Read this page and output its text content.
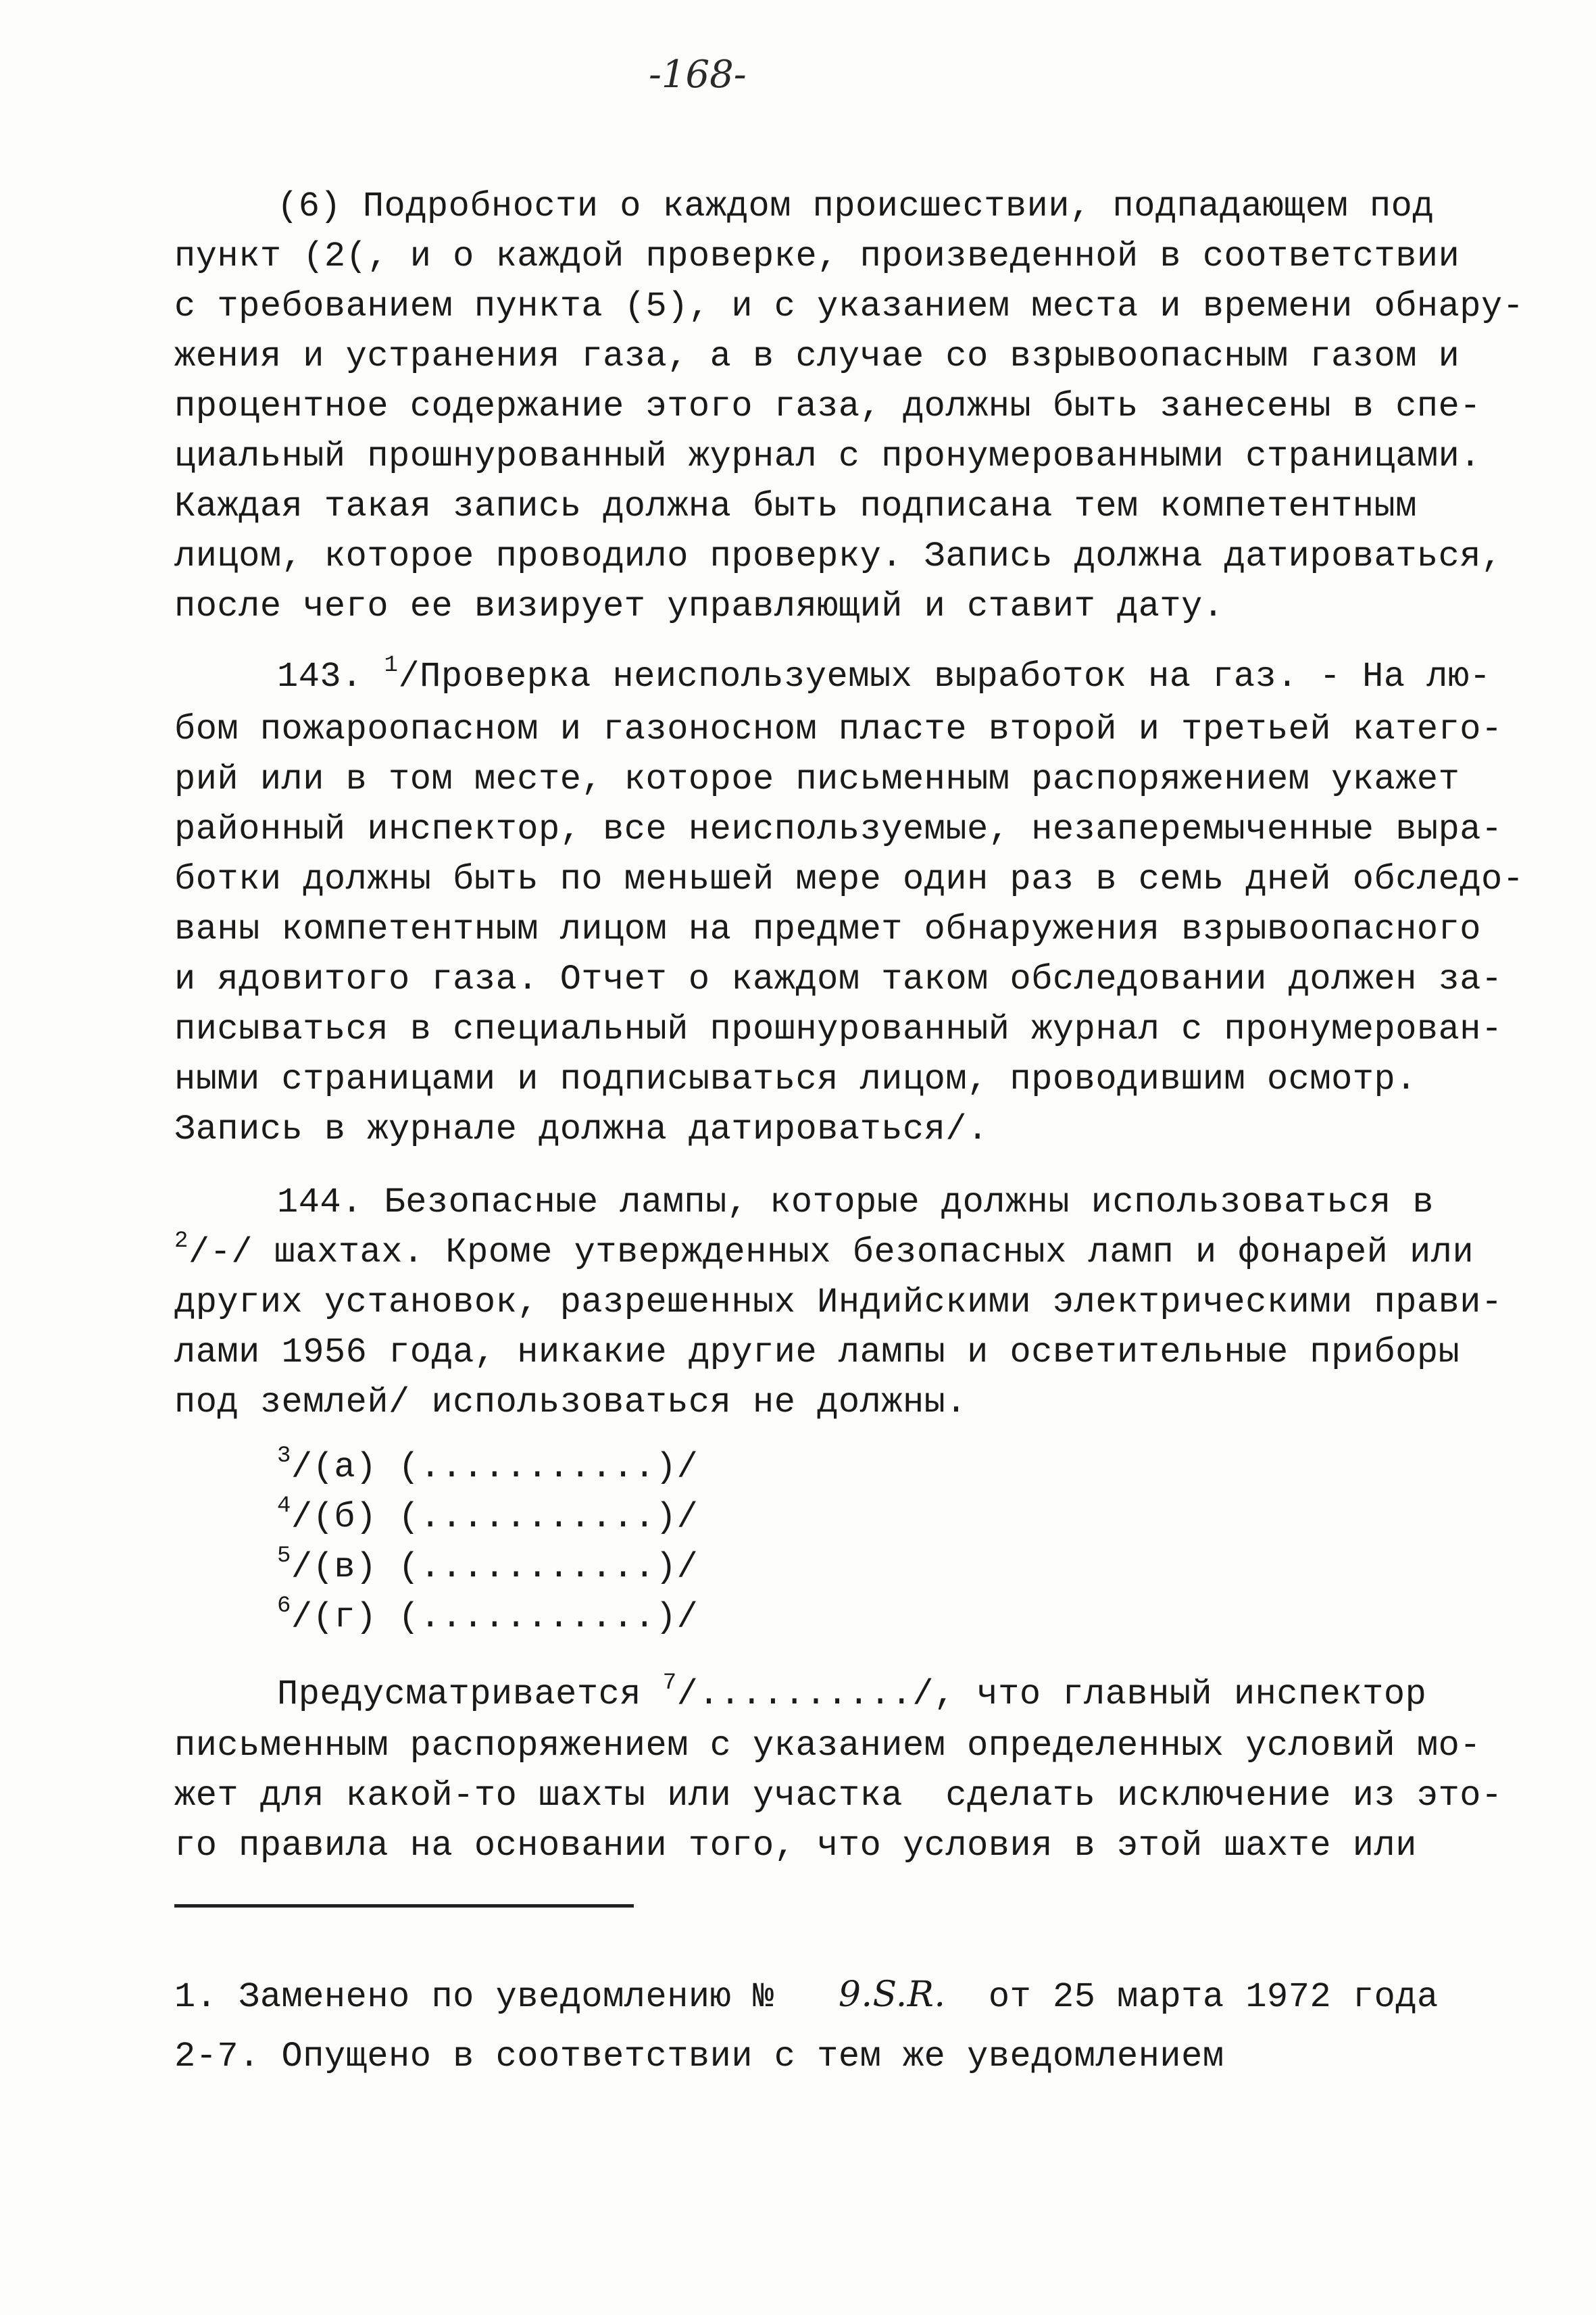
-168-
(6) Подробности о каждом происшествии, подпадающем под
пункт (2(, и о каждой проверке, произведенной в соответствии
с требованием пункта (5), и с указанием места и времени обнару-
жения и устранения газа, а в случае со взрывоопасным газом и
процентное содержание этого газа, должны быть занесены в спе-
циальный прошнурованный журнал с пронумерованными страницами.
Каждая такая запись должна быть подписана тем компетентным
лицом, которое проводило проверку. Запись должна датироваться,
после чего ее визирует управляющий и ставит дату.
143. $^1$/Проверка неиспользуемых выработок на газ. - На лю-
бом пожароопасном и газоносном пласте второй и третьей катего-
рий или в том месте, которое письменным распоряжением укажет
районный инспектор, все неиспользуемые, незаперемыченные выра-
ботки должны быть по меньшей мере один раз в семь дней обследо-
ваны компетентным лицом на предмет обнаружения взрывоопасного
и ядовитого газа. Отчет о каждом таком обследовании должен за-
писываться в специальный прошнурованный журнал с пронумерован-
ными страницами и подписываться лицом, проводившим осмотр.
Запись в журнале должна датироваться/.
144. Безопасные лампы, которые должны использоваться в
$^2$/-/ шахтах. Кроме утвержденных безопасных ламп и фонарей или
других установок, разрешенных Индийскими электрическими прави-
лами 1956 года, никакие другие лампы и осветительные приборы
под землей/ использоваться не должны.
$^3$/(а) (...........)/
$^4$/(б) (...........)/
$^5$/(в) (...........)/
$^6$/(г) (...........)/
Предусматривается $^7$/........../, что главный инспектор
письменным распоряжением с указанием определенных условий мо-
жет для какой-то шахты или участка  сделать исключение из это-
го правила на основании того, что условия в этой шахте или
1. Заменено по уведомлению № 9.S.R. от 25 марта 1972 года
2-7. Опущено в соответствии с тем же уведомлением
